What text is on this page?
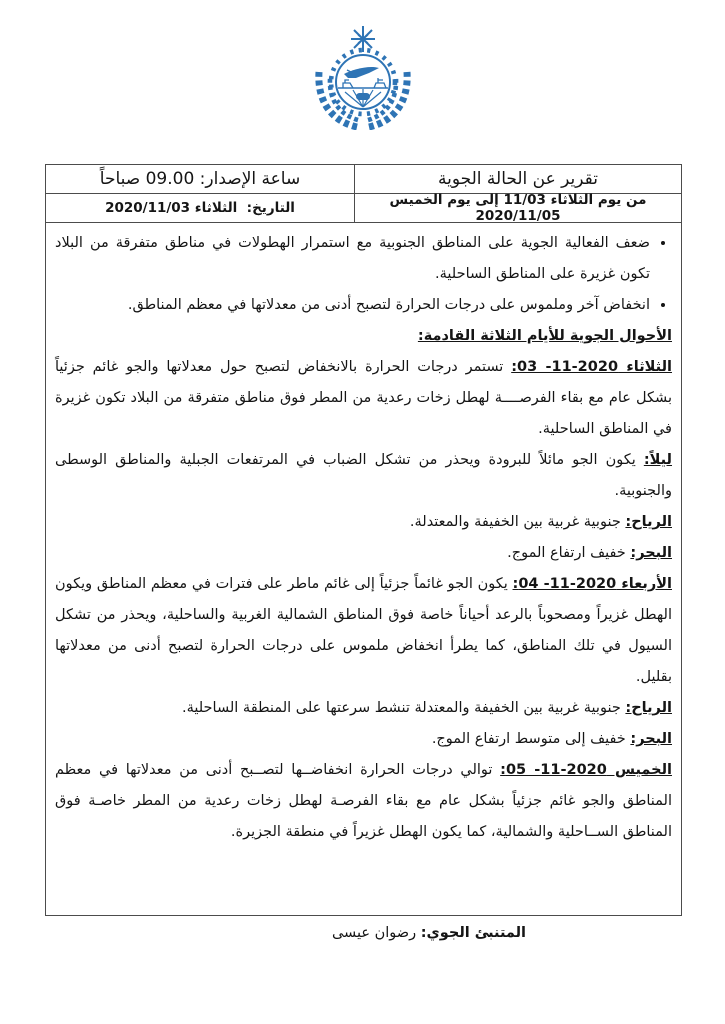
تقرير عن الحالة الجوية
ساعة الإصدار: 09.00 صباحاً
من يوم الثلاثاء 11/03 إلى يوم الخميس 2020/11/05
التاريخ:  الثلاثاء 2020/11/03
• ضعف الفعالية الجوية على المناطق الجنوبية مع استمرار الهطولات في مناطق متفرقة من البلاد تكون غزيرة على المناطق الساحلية.
• انخفاض آخر وملموس على درجات الحرارة لتصبح أدنى من معدلاتها في معظم المناطق.

الأحوال الجوية للأيام الثلاثة القادمة:

الثلاثاء ‪03 -11-2020‬: تستمر درجات الحرارة بالانخفاض لتصبح حول معدلاتها والجو غائم جزئياً بشكل عام مع بقاء الفرصــــة لهطل زخات رعدية من المطر فوق مناطق متفرقة من البلاد تكون غزيرة في المناطق الساحلية.

ليلاً: يكون الجو مائلاً للبرودة ويحذر من تشكل الضباب في المرتفعات الجبلية والمناطق الوسطى والجنوبية.

الرياح: جنوبية غربية بين الخفيفة والمعتدلة.

البحر: خفيف ارتفاع الموج.

الأربعاء ‪04 -11-2020‬: يكون الجو غائماً جزئياً إلى غائم ماطر على فترات في معظم المناطق ويكون الهطل غزيراً ومصحوباً بالرعد أحياناً خاصة فوق المناطق الشمالية الغربية والساحلية، ويحذر من تشكل السيول في تلك المناطق، كما يطرأ انخفاض ملموس على درجات الحرارة لتصبح أدنى من معدلاتها بقليل.

الرياح: جنوبية غربية بين الخفيفة والمعتدلة تنشط سرعتها على المنطقة الساحلية.

البحر: خفيف إلى متوسط ارتفاع الموج.

الخميس ‪05 -11-2020‬: توالي درجات الحرارة انخفاضــها لتصــبح أدنى من معدلاتها في معظم المناطق والجو غائم جزئياً بشكل عام مع بقاء الفرصـة لهطل زخات رعدية من المطر خاصـة فوق المناطق الســاحلية والشمالية، كما يكون الهطل غزيراً في منطقة الجزيرة.

المتنبئ الجوي: رضوان عيسى
